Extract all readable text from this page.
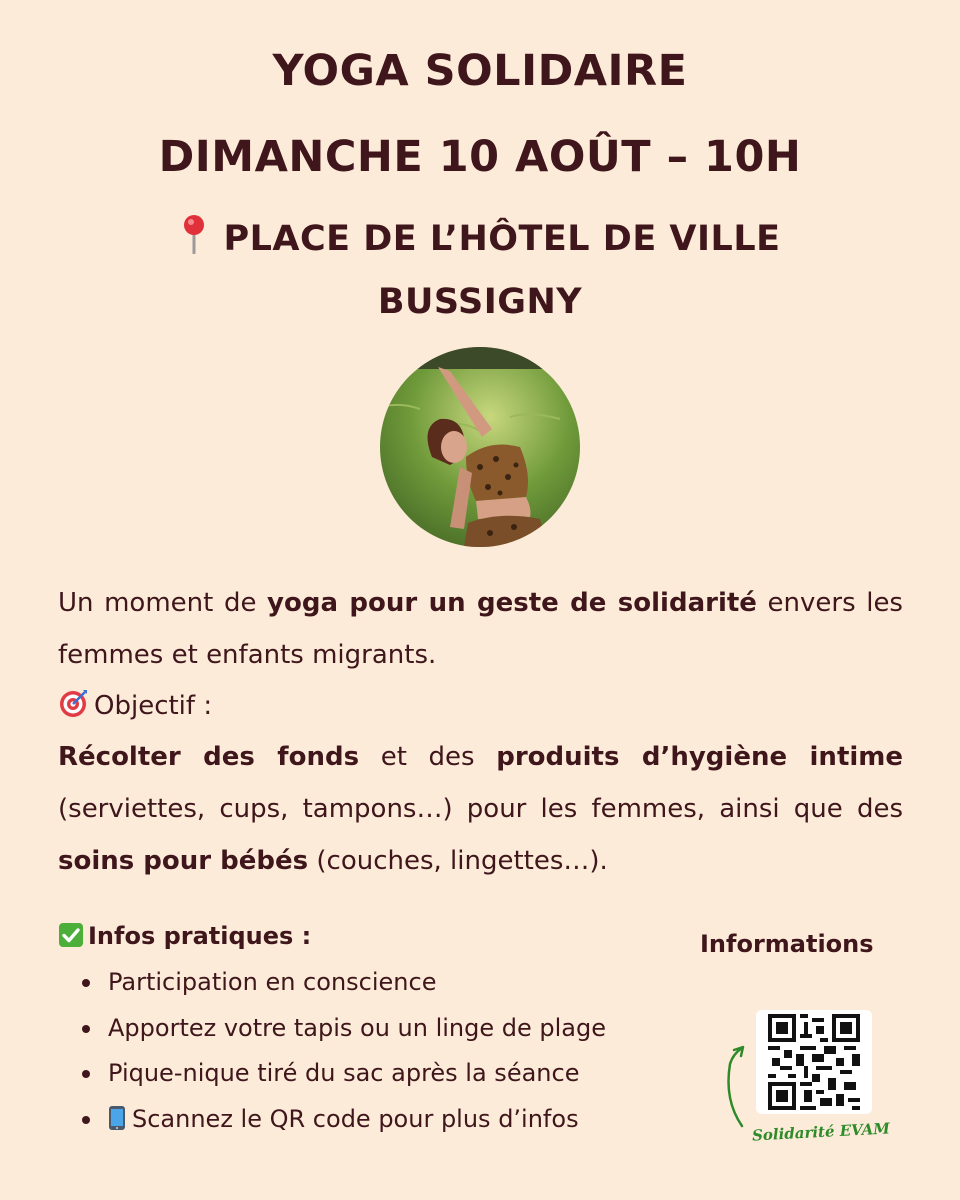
YOGA SOLIDAIRE
DIMANCHE 10 AOÛT – 10H
PLACE DE L’HÔTEL DE VILLE
BUSSIGNY
Un moment de yoga pour un geste de solidarité envers les femmes et enfants migrants.
Objectif :
Récolter des fonds et des produits d’hygiène intime (serviettes, cups, tampons…) pour les femmes, ainsi que des soins pour bébés (couches, lingettes…).
Infos pratiques :
Participation en conscience
Apportez votre tapis ou un linge de plage
Pique-nique tiré du sac après la séance
Scannez le QR code pour plus d’infos
Informations
Solidarité EVAM
